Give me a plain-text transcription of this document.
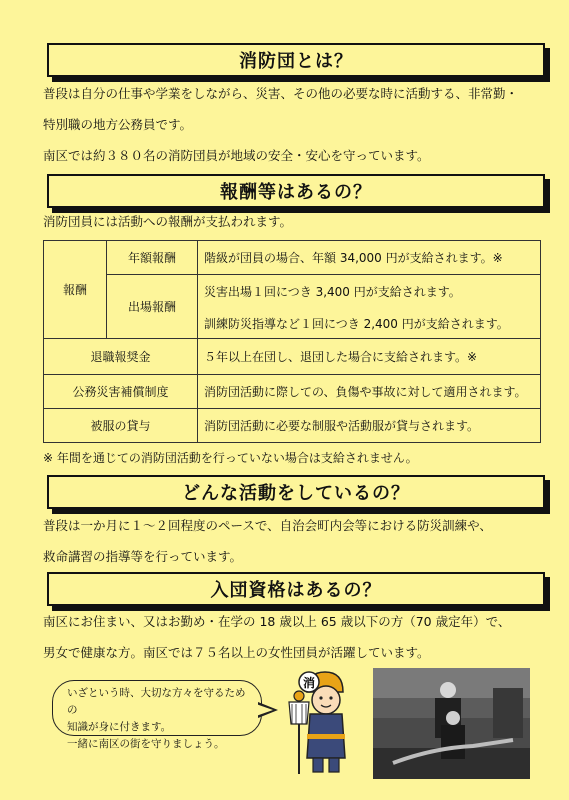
消防団とは？
普段は自分の仕事や学業をしながら、災害、その他の必要な時に活動する、非常勤・
特別職の地方公務員です。
南区では約３８０名の消防団員が地域の安全・安心を守っています。
報酬等はあるの？
消防団員には活動への報酬が支払われます。
報酬	年額報酬	階級が団員の場合、年額 34,000 円が支給されます。※
	出場報酬	災害出場１回につき 3,400 円が支給されます。
		訓練防災指導など１回につき 2,400 円が支給されます。
退職報奨金		５年以上在団し、退団した場合に支給されます。※
公務災害補償制度		消防団活動に際しての、負傷や事故に対して適用されます。
被服の貸与		消防団活動に必要な制服や活動服が貸与されます。
※ 年間を通じての消防団活動を行っていない場合は支給されません。
どんな活動をしているの？
普段は一か月に１～２回程度のペースで、自治会町内会等における防災訓練や、
救命講習の指導等を行っています。
入団資格はあるの？
南区にお住まい、又はお勤め・在学の 18 歳以上 65 歳以下の方（70 歳定年）で、
男女で健康な方。南区では７５名以上の女性団員が活躍しています。
いざという時、大切な方々を守るための
知識が身に付きます。
一緒に南区の街を守りましょう。
消
